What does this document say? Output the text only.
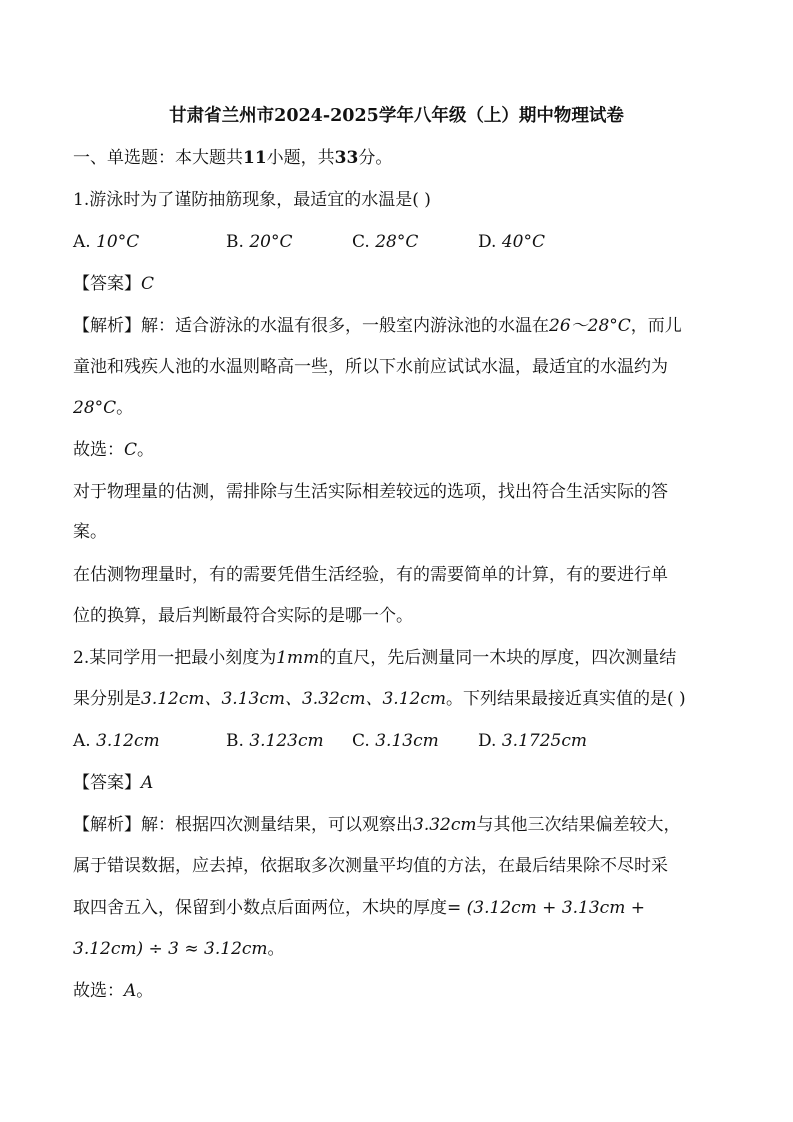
甘肃省兰州市2024-2025学年八年级（上）期中物理试卷
一、单选题：本大题共11小题，共33分。
1.游泳时为了谨防抽筋现象，最适宜的水温是( )
A. 10°C	B. 20°C	C. 28°C	D. 40°C
【答案】C
【解析】解：适合游泳的水温有很多，一般室内游泳池的水温在26～28°C，而儿
童池和残疾人池的水温则略高一些，所以下水前应试试水温，最适宜的水温约为
28°C。
故选：C。
对于物理量的估测，需排除与生活实际相差较远的选项，找出符合生活实际的答
案。
在估测物理量时，有的需要凭借生活经验，有的需要简单的计算，有的要进行单
位的换算，最后判断最符合实际的是哪一个。
2.某同学用一把最小刻度为1mm的直尺，先后测量同一木块的厚度，四次测量结
果分别是3.12cm、3.13cm、3.32cm、3.12cm。下列结果最接近真实值的是( )
A. 3.12cm	B. 3.123cm C. 3.13cm D. 3.1725cm
【答案】A
【解析】解：根据四次测量结果，可以观察出3.32cm与其他三次结果偏差较大，
属于错误数据，应去掉，依据取多次测量平均值的方法，在最后结果除不尽时采
取四舍五入，保留到小数点后面两位，木块的厚度= (3.12cm + 3.13cm +
3.12cm) ÷ 3 ≈ 3.12cm。
故选：A。
